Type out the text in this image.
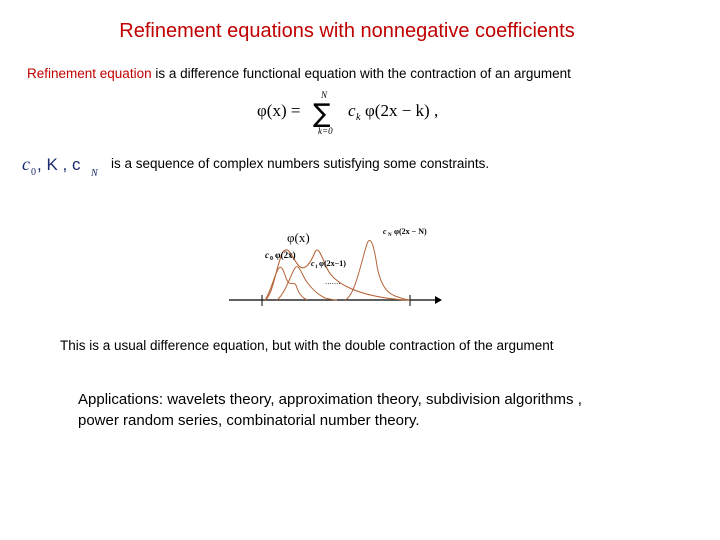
Refinement equations with nonnegative coefficients
Refinement equation is a difference functional equation with the contraction of an argument
φ(x) =
N
∑
k=0
c k φ(2x − k) ,
c 0 , K , c N
is a sequence of complex numbers sutisfying some constraints.
φ(x)
c 0 φ(2x)
c 1 φ(2x−1)
c N φ(2x − N)
.......
This is a usual difference equation, but with the double contraction of the argument
Applications: wavelets theory, approximation theory, subdivision algorithms , power random series, combinatorial number theory.
